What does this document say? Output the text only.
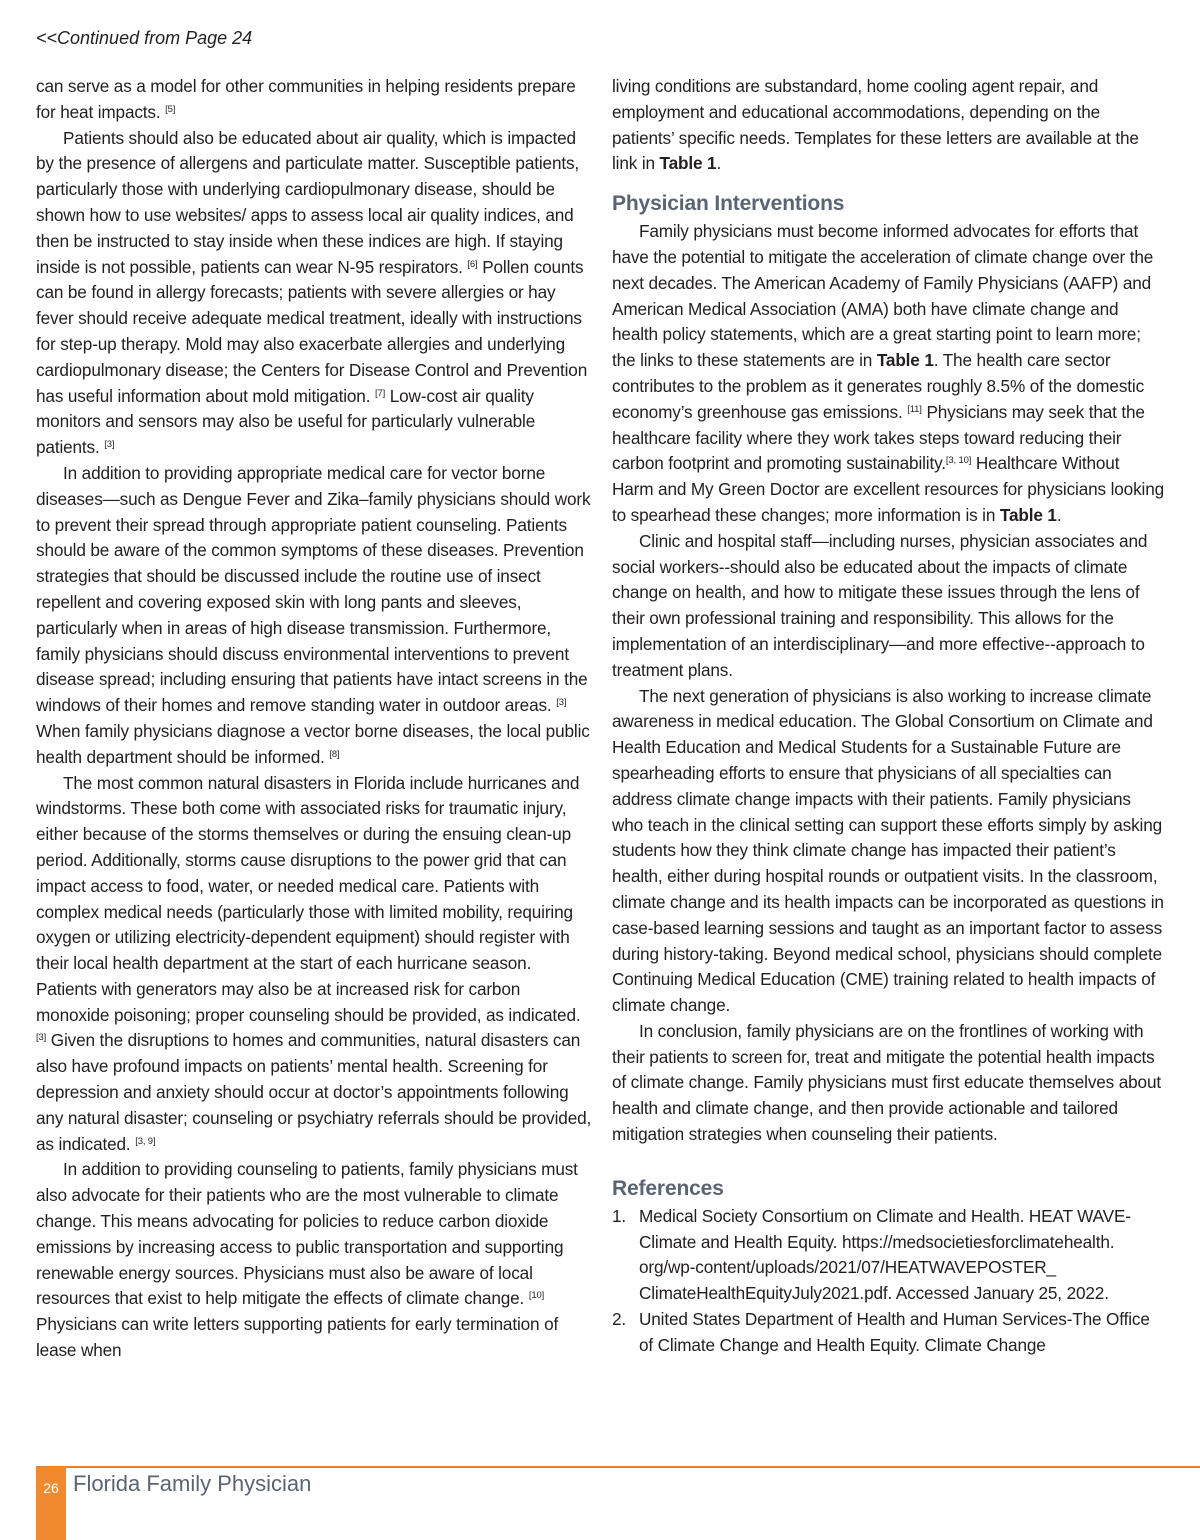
<<Continued from Page 24

can serve as a model for other communities in helping residents prepare for heat impacts. [5]

Patients should also be educated about air quality, which is impacted by the presence of allergens and particulate matter. Susceptible patients, particularly those with underlying cardiopulmonary disease, should be shown how to use websites/ apps to assess local air quality indices, and then be instructed to stay inside when these indices are high. If staying inside is not possible, patients can wear N-95 respirators. [6] Pollen counts can be found in allergy forecasts; patients with severe allergies or hay fever should receive adequate medical treatment, ideally with instructions for step-up therapy. Mold may also exacerbate allergies and underlying cardiopulmonary disease; the Centers for Disease Control and Prevention has useful information about mold mitigation. [7] Low-cost air quality monitors and sensors may also be useful for particularly vulnerable patients. [3]

In addition to providing appropriate medical care for vector borne diseases—such as Dengue Fever and Zika–family physicians should work to prevent their spread through appropriate patient counseling. Patients should be aware of the common symptoms of these diseases. Prevention strategies that should be discussed include the routine use of insect repellent and covering exposed skin with long pants and sleeves, particularly when in areas of high disease transmission. Furthermore, family physicians should discuss environmental interventions to prevent disease spread; including ensuring that patients have intact screens in the windows of their homes and remove standing water in outdoor areas. [3] When family physicians diagnose a vector borne diseases, the local public health department should be informed. [8]

The most common natural disasters in Florida include hurricanes and windstorms. These both come with associated risks for traumatic injury, either because of the storms themselves or during the ensuing clean-up period. Additionally, storms cause disruptions to the power grid that can impact access to food, water, or needed medical care. Patients with complex medical needs (particularly those with limited mobility, requiring oxygen or utilizing electricity-dependent equipment) should register with their local health department at the start of each hurricane season. Patients with generators may also be at increased risk for carbon monoxide poisoning; proper counseling should be provided, as indicated. [3] Given the disruptions to homes and communities, natural disasters can also have profound impacts on patients’ mental health. Screening for depression and anxiety should occur at doctor’s appointments following any natural disaster; counseling or psychiatry referrals should be provided, as indicated. [3, 9]

In addition to providing counseling to patients, family physicians must also advocate for their patients who are the most vulnerable to climate change. This means advocating for policies to reduce carbon dioxide emissions by increasing access to public transportation and supporting renewable energy sources. Physicians must also be aware of local resources that exist to help mitigate the effects of climate change. [10] Physicians can write letters supporting patients for early termination of lease when

living conditions are substandard, home cooling agent repair, and employment and educational accommodations, depending on the patients’ specific needs. Templates for these letters are available at the link in Table 1.

Physician Interventions

Family physicians must become informed advocates for efforts that have the potential to mitigate the acceleration of climate change over the next decades. The American Academy of Family Physicians (AAFP) and American Medical Association (AMA) both have climate change and health policy statements, which are a great starting point to learn more; the links to these statements are in Table 1. The health care sector contributes to the problem as it generates roughly 8.5% of the domestic economy’s greenhouse gas emissions. [11] Physicians may seek that the healthcare facility where they work takes steps toward reducing their carbon footprint and promoting sustainability.[3, 10] Healthcare Without Harm and My Green Doctor are excellent resources for physicians looking to spearhead these changes; more information is in Table 1.

Clinic and hospital staff—including nurses, physician associates and social workers--should also be educated about the impacts of climate change on health, and how to mitigate these issues through the lens of their own professional training and responsibility. This allows for the implementation of an interdisciplinary—and more effective--approach to treatment plans.

The next generation of physicians is also working to increase climate awareness in medical education. The Global Consortium on Climate and Health Education and Medical Students for a Sustainable Future are spearheading efforts to ensure that physicians of all specialties can address climate change impacts with their patients. Family physicians who teach in the clinical setting can support these efforts simply by asking students how they think climate change has impacted their patient’s health, either during hospital rounds or outpatient visits. In the classroom, climate change and its health impacts can be incorporated as questions in case-based learning sessions and taught as an important factor to assess during history-taking. Beyond medical school, physicians should complete Continuing Medical Education (CME) training related to health impacts of climate change.

In conclusion, family physicians are on the frontlines of working with their patients to screen for, treat and mitigate the potential health impacts of climate change. Family physicians must first educate themselves about health and climate change, and then provide actionable and tailored mitigation strategies when counseling their patients.

References
1. Medical Society Consortium on Climate and Health. HEAT WAVE- Climate and Health Equity. https://medsocietiesforclimatehealth. org/wp-content/uploads/2021/07/HEATWAVEPOSTER_ ClimateHealthEquityJuly2021.pdf. Accessed January 25, 2022.
2. United States Department of Health and Human Services-The Office of Climate Change and Health Equity. Climate Change
26 Florida Family Physician
